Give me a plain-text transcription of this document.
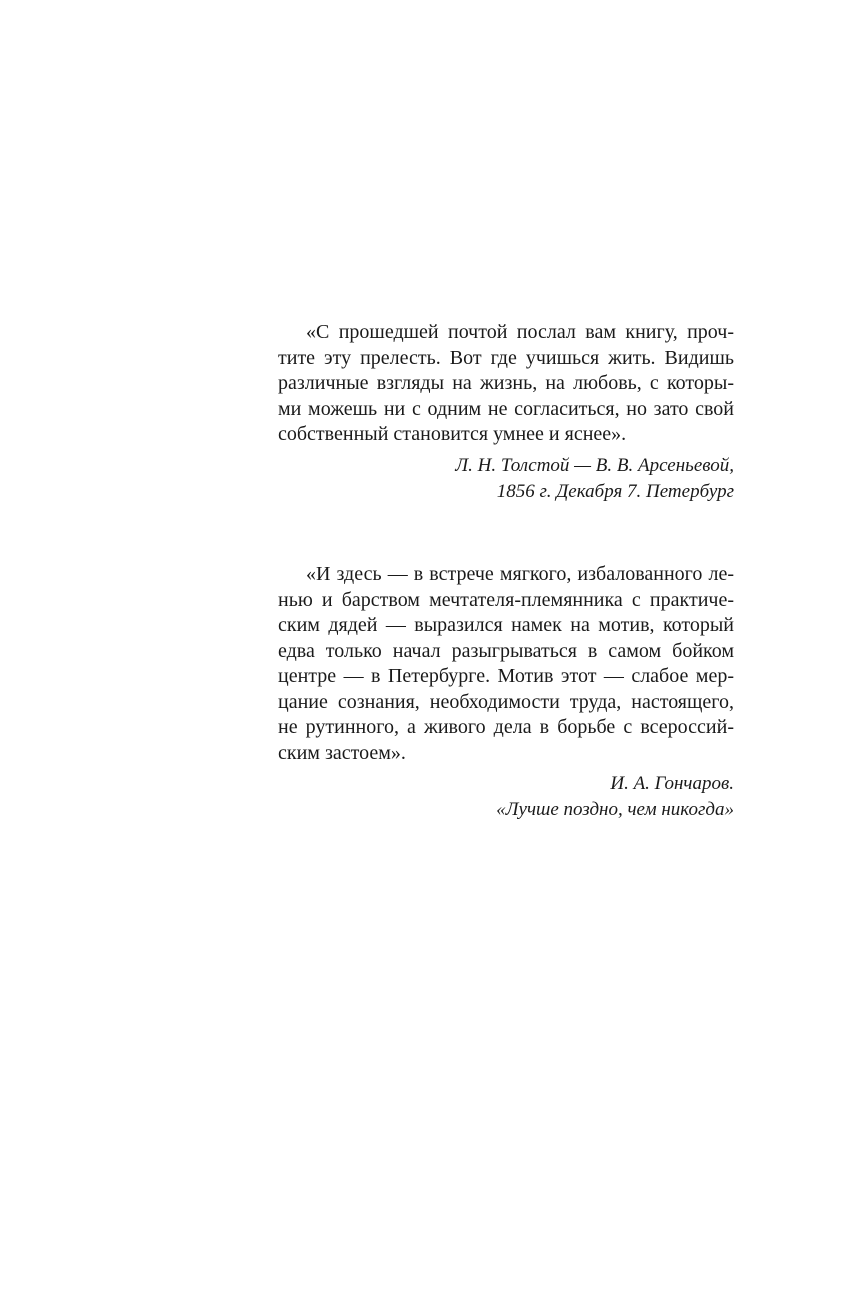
«С прошедшей почтой послал вам книгу, проч-
тите эту прелесть. Вот где учишься жить. Видишь
различные взгляды на жизнь, на любовь, с которы-
ми можешь ни с одним не согласиться, но зато свой
собственный становится умнее и яснее».
Л. Н. Толстой — В. В. Арсеньевой,
1856 г. Декабря 7. Петербург
«И здесь — в встрече мягкого, избалованного ле-
нью и барством мечтателя-племянника с практиче-
ским дядей — выразился намек на мотив, который
едва только начал разыгрываться в самом бойком
центре — в Петербурге. Мотив этот — слабое мер-
цание сознания, необходимости труда, настоящего,
не рутинного, а живого дела в борьбе с всероссий-
ским застоем».
И. А. Гончаров.
«Лучше поздно, чем никогда»
